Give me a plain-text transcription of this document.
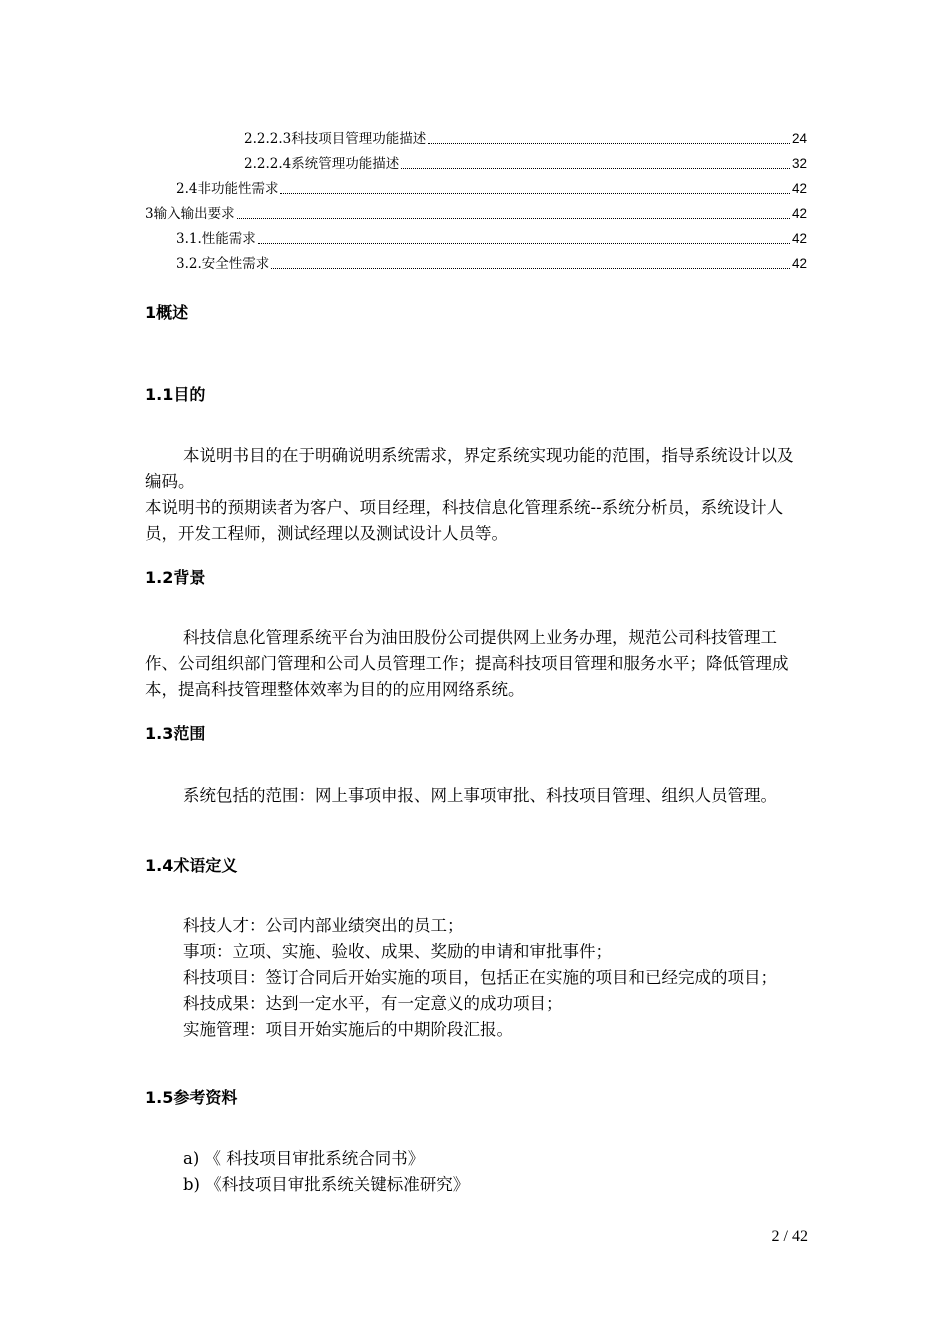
2.2.2.3科技项目管理功能描述	24
2.2.2.4系统管理功能描述	32
2.4非功能性需求	42
3输入输出要求	42
3.1.性能需求	42
3.2.安全性需求	42
1概述
1.1目的

本说明书目的在于明确说明系统需求，界定系统实现功能的范围，指导系统设计以及编码。

本说明书的预期读者为客户、项目经理，科技信息化管理系统--系统分析员，系统设计人员，开发工程师，测试经理以及测试设计人员等。

1.2背景

科技信息化管理系统平台为油田股份公司提供网上业务办理，规范公司科技管理工作、公司组织部门管理和公司人员管理工作；提高科技项目管理和服务水平；降低管理成本，提高科技管理整体效率为目的的应用网络系统。

1.3范围

系统包括的范围：网上事项申报、网上事项审批、科技项目管理、组织人员管理。

1.4术语定义

科技人才：公司内部业绩突出的员工；

事项：立项、实施、验收、成果、奖励的申请和审批事件；

科技项目：签订合同后开始实施的项目，包括正在实施的项目和已经完成的项目；

科技成果：达到一定水平，有一定意义的成功项目；

实施管理：项目开始实施后的中期阶段汇报。

1.5参考资料
a) 《 科技项目审批系统合同书》
b) 《科技项目审批系统关键标准研究》
2 / 42
